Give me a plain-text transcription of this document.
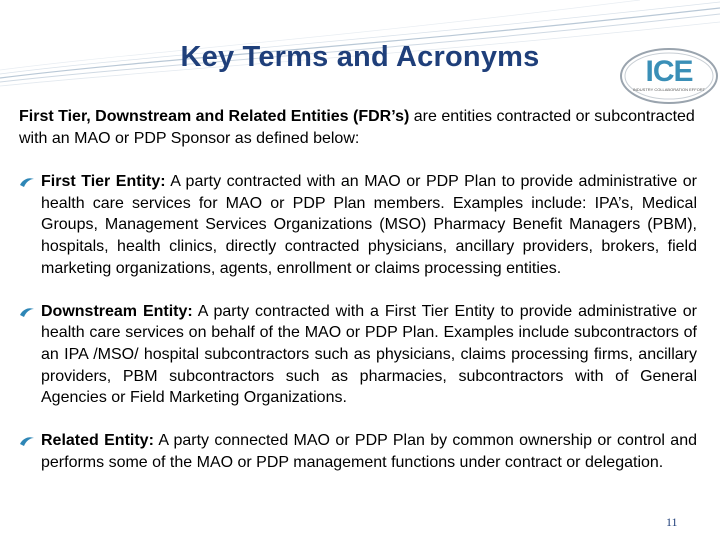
Key Terms and Acronyms	ICE
INDUSTRY COLLABORATION EFFORT

First Tier, Downstream and Related Entities (FDR’s) are entities contracted or subcontracted with an MAO or PDP Sponsor as defined below:

First Tier Entity: A party contracted with an MAO or PDP Plan to provide administrative or health care services for MAO or PDP Plan members. Examples include: IPA’s, Medical Groups, Management Services Organizations (MSO) Pharmacy Benefit Managers (PBM), hospitals, health clinics, directly contracted physicians, ancillary providers, brokers, field marketing organizations, agents, enrollment or claims processing entities.
Downstream Entity: A party contracted with a First Tier Entity to provide administrative or health care services on behalf of the MAO or PDP Plan. Examples include subcontractors of an IPA /MSO/ hospital subcontractors such as physicians, claims processing firms, ancillary providers, PBM subcontractors such as pharmacies, subcontractors with of General Agencies or Field Marketing Organizations.
Related Entity: A party connected MAO or PDP Plan by common ownership or control and performs some of the MAO or PDP management functions under contract or delegation.
11
